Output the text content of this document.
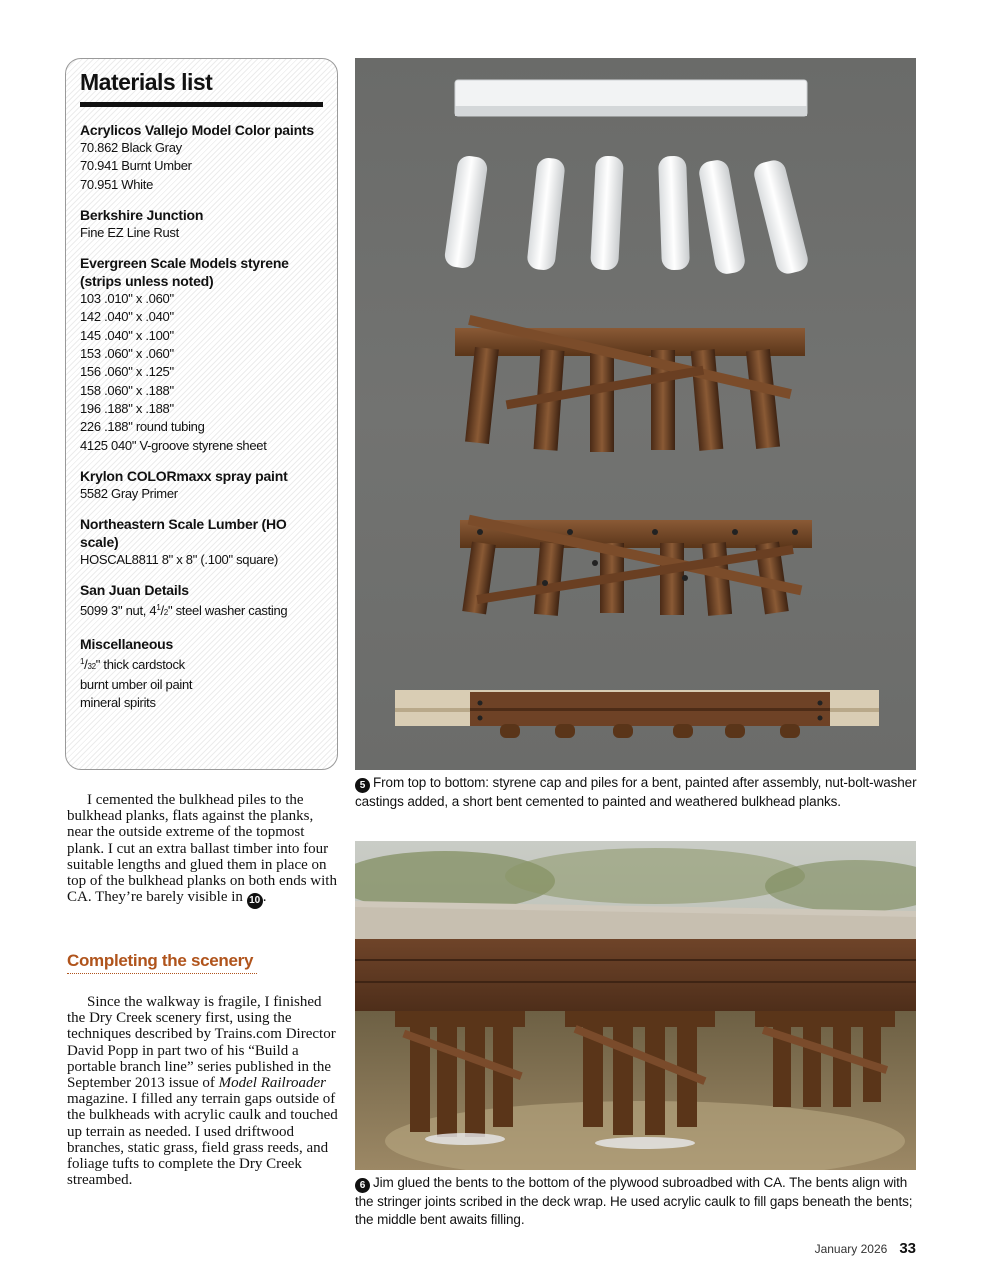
Materials list
Acrylicos Vallejo Model Color paints
70.862 Black Gray
70.941 Burnt Umber
70.951 White
Berkshire Junction
Fine EZ Line Rust
Evergreen Scale Models styrene (strips unless noted)
103 .010" x .060"
142 .040" x .040"
145 .040" x .100"
153 .060" x .060"
156 .060" x .125"
158 .060" x .188"
196 .188" x .188"
226 .188" round tubing
4125 040" V-groove styrene sheet
Krylon COLORmaxx spray paint
5582 Gray Primer
Northeastern Scale Lumber (HO scale)
HOSCAL8811 8" x 8" (.100" square)
San Juan Details
5099 3" nut, $4^1/2$" steel washer casting
Miscellaneous
$^1$/32" thick cardstock
burnt umber oil paint
mineral spirits

I cemented the bulkhead piles to the bulkhead planks, flats against the planks, near the outside extreme of the topmost plank. I cut an extra ballast timber into four suitable lengths and glued them in place on top of the bulkhead planks on both ends with CA. They’re barely visible in 10 .

Completing the scenery

Since the walkway is fragile, I finished the Dry Creek scenery first, using the techniques described by Trains.com Director David Popp in part two of his “Build a portable branch line” series published in the September 2013 issue of Model Railroader magazine. I filled any terrain gaps outside of the bulkheads with acrylic caulk and touched up terrain as needed. I used driftwood branches, static grass, field grass reeds, and foliage tufts to complete the Dry Creek streambed.

5 From top to bottom: styrene cap and piles for a bent, painted after assembly, nut-bolt-washer castings added, a short bent cemented to painted and weathered bulkhead planks.
6 Jim glued the bents to the bottom of the plywood subroadbed with CA. The bents align with the stringer joints scribed in the deck wrap. He used acrylic caulk to fill gaps beneath the bents; the middle bent awaits filling.
January 2026 33
